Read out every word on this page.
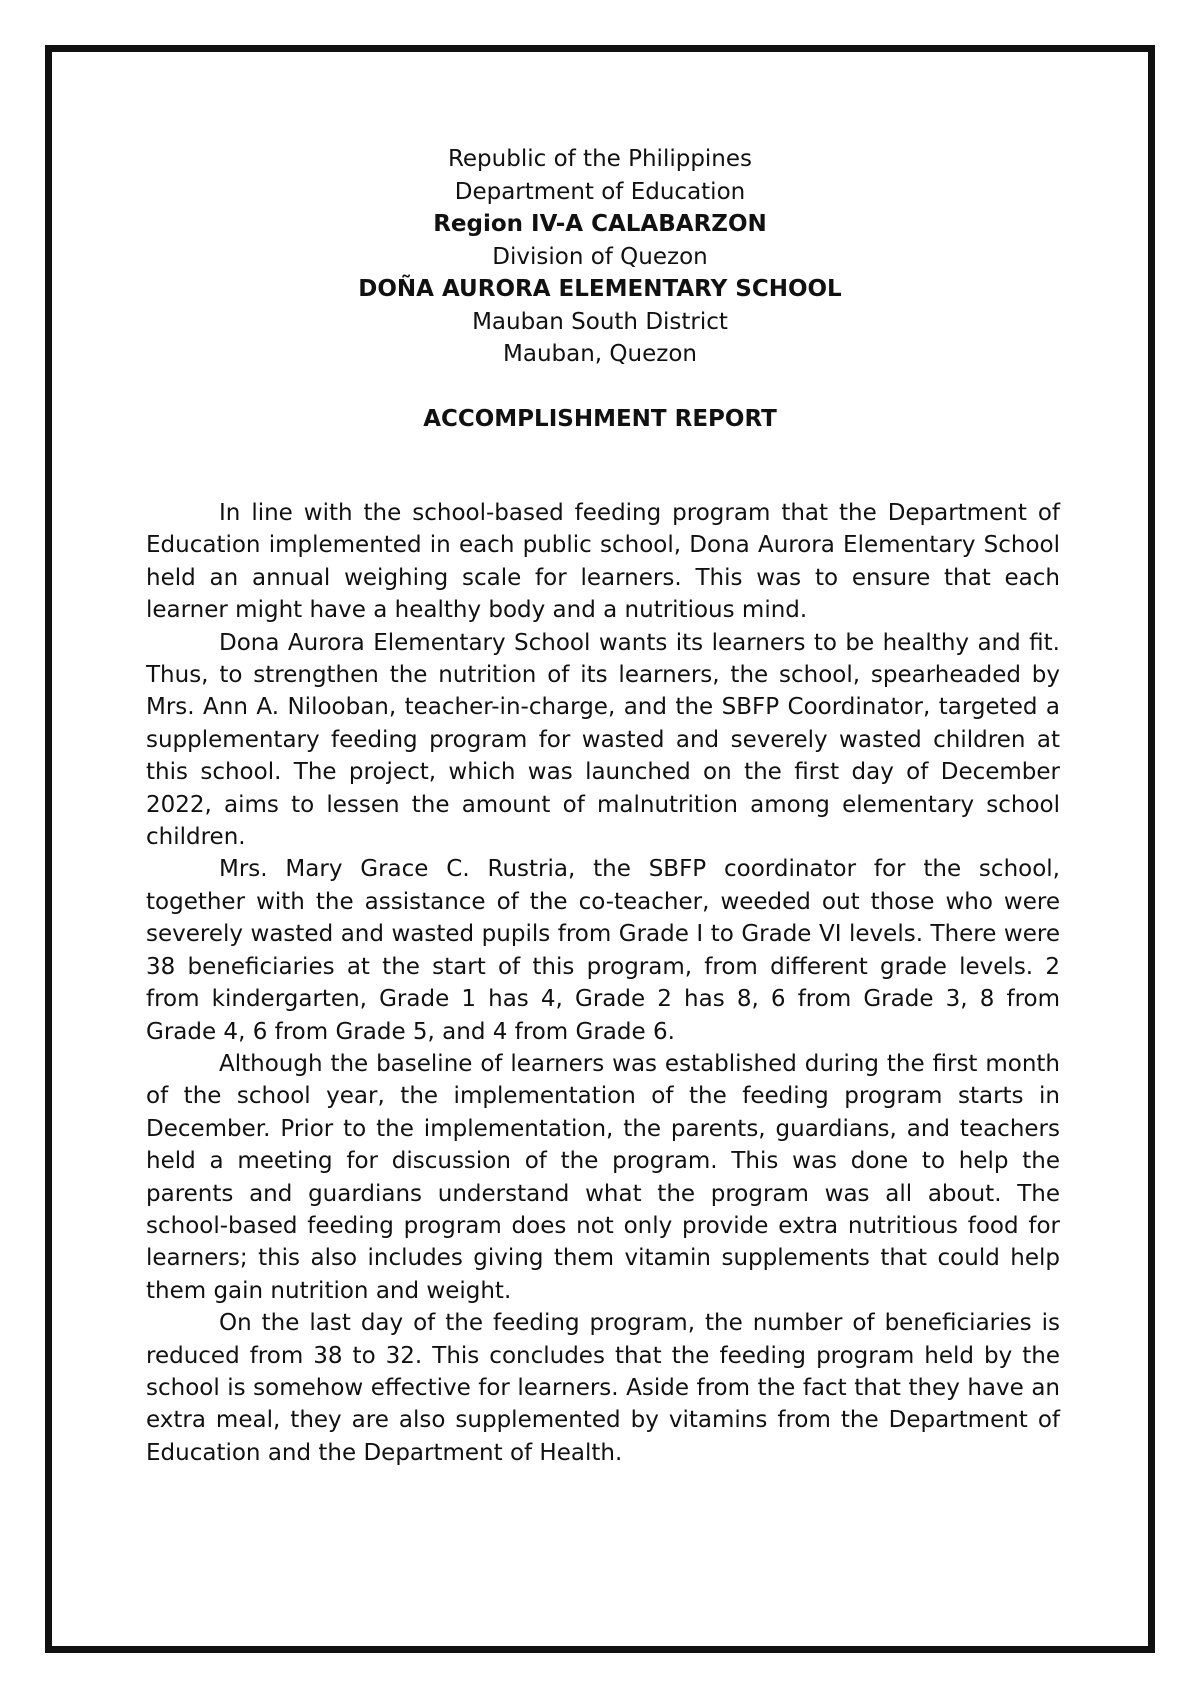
Republic of the Philippines
Department of Education
Region IV-A CALABARZON
Division of Quezon
DOÑA AURORA ELEMENTARY SCHOOL
Mauban South District
Mauban, Quezon
ACCOMPLISHMENT REPORT

In line with the school-based feeding program that the Department of Education implemented in each public school, Dona Aurora Elementary School held an annual weighing scale for learners. This was to ensure that each learner might have a healthy body and a nutritious mind.

Dona Aurora Elementary School wants its learners to be healthy and fit. Thus, to strengthen the nutrition of its learners, the school, spearheaded by Mrs. Ann A. Nilooban, teacher-in-charge, and the SBFP Coordinator, targeted a supplementary feeding program for wasted and severely wasted children at this school. The project, which was launched on the first day of December 2022, aims to lessen the amount of malnutrition among elementary school children.

Mrs. Mary Grace C. Rustria, the SBFP coordinator for the school, together with the assistance of the co-teacher, weeded out those who were severely wasted and wasted pupils from Grade I to Grade VI levels. There were 38 beneficiaries at the start of this program, from different grade levels. 2 from kindergarten, Grade 1 has 4, Grade 2 has 8, 6 from Grade 3, 8 from Grade 4, 6 from Grade 5, and 4 from Grade 6.

Although the baseline of learners was established during the first month of the school year, the implementation of the feeding program starts in December. Prior to the implementation, the parents, guardians, and teachers held a meeting for discussion of the program. This was done to help the parents and guardians understand what the program was all about. The school-based feeding program does not only provide extra nutritious food for learners; this also includes giving them vitamin supplements that could help them gain nutrition and weight.

On the last day of the feeding program, the number of beneficiaries is reduced from 38 to 32. This concludes that the feeding program held by the school is somehow effective for learners. Aside from the fact that they have an extra meal, they are also supplemented by vitamins from the Department of Education and the Department of Health.
